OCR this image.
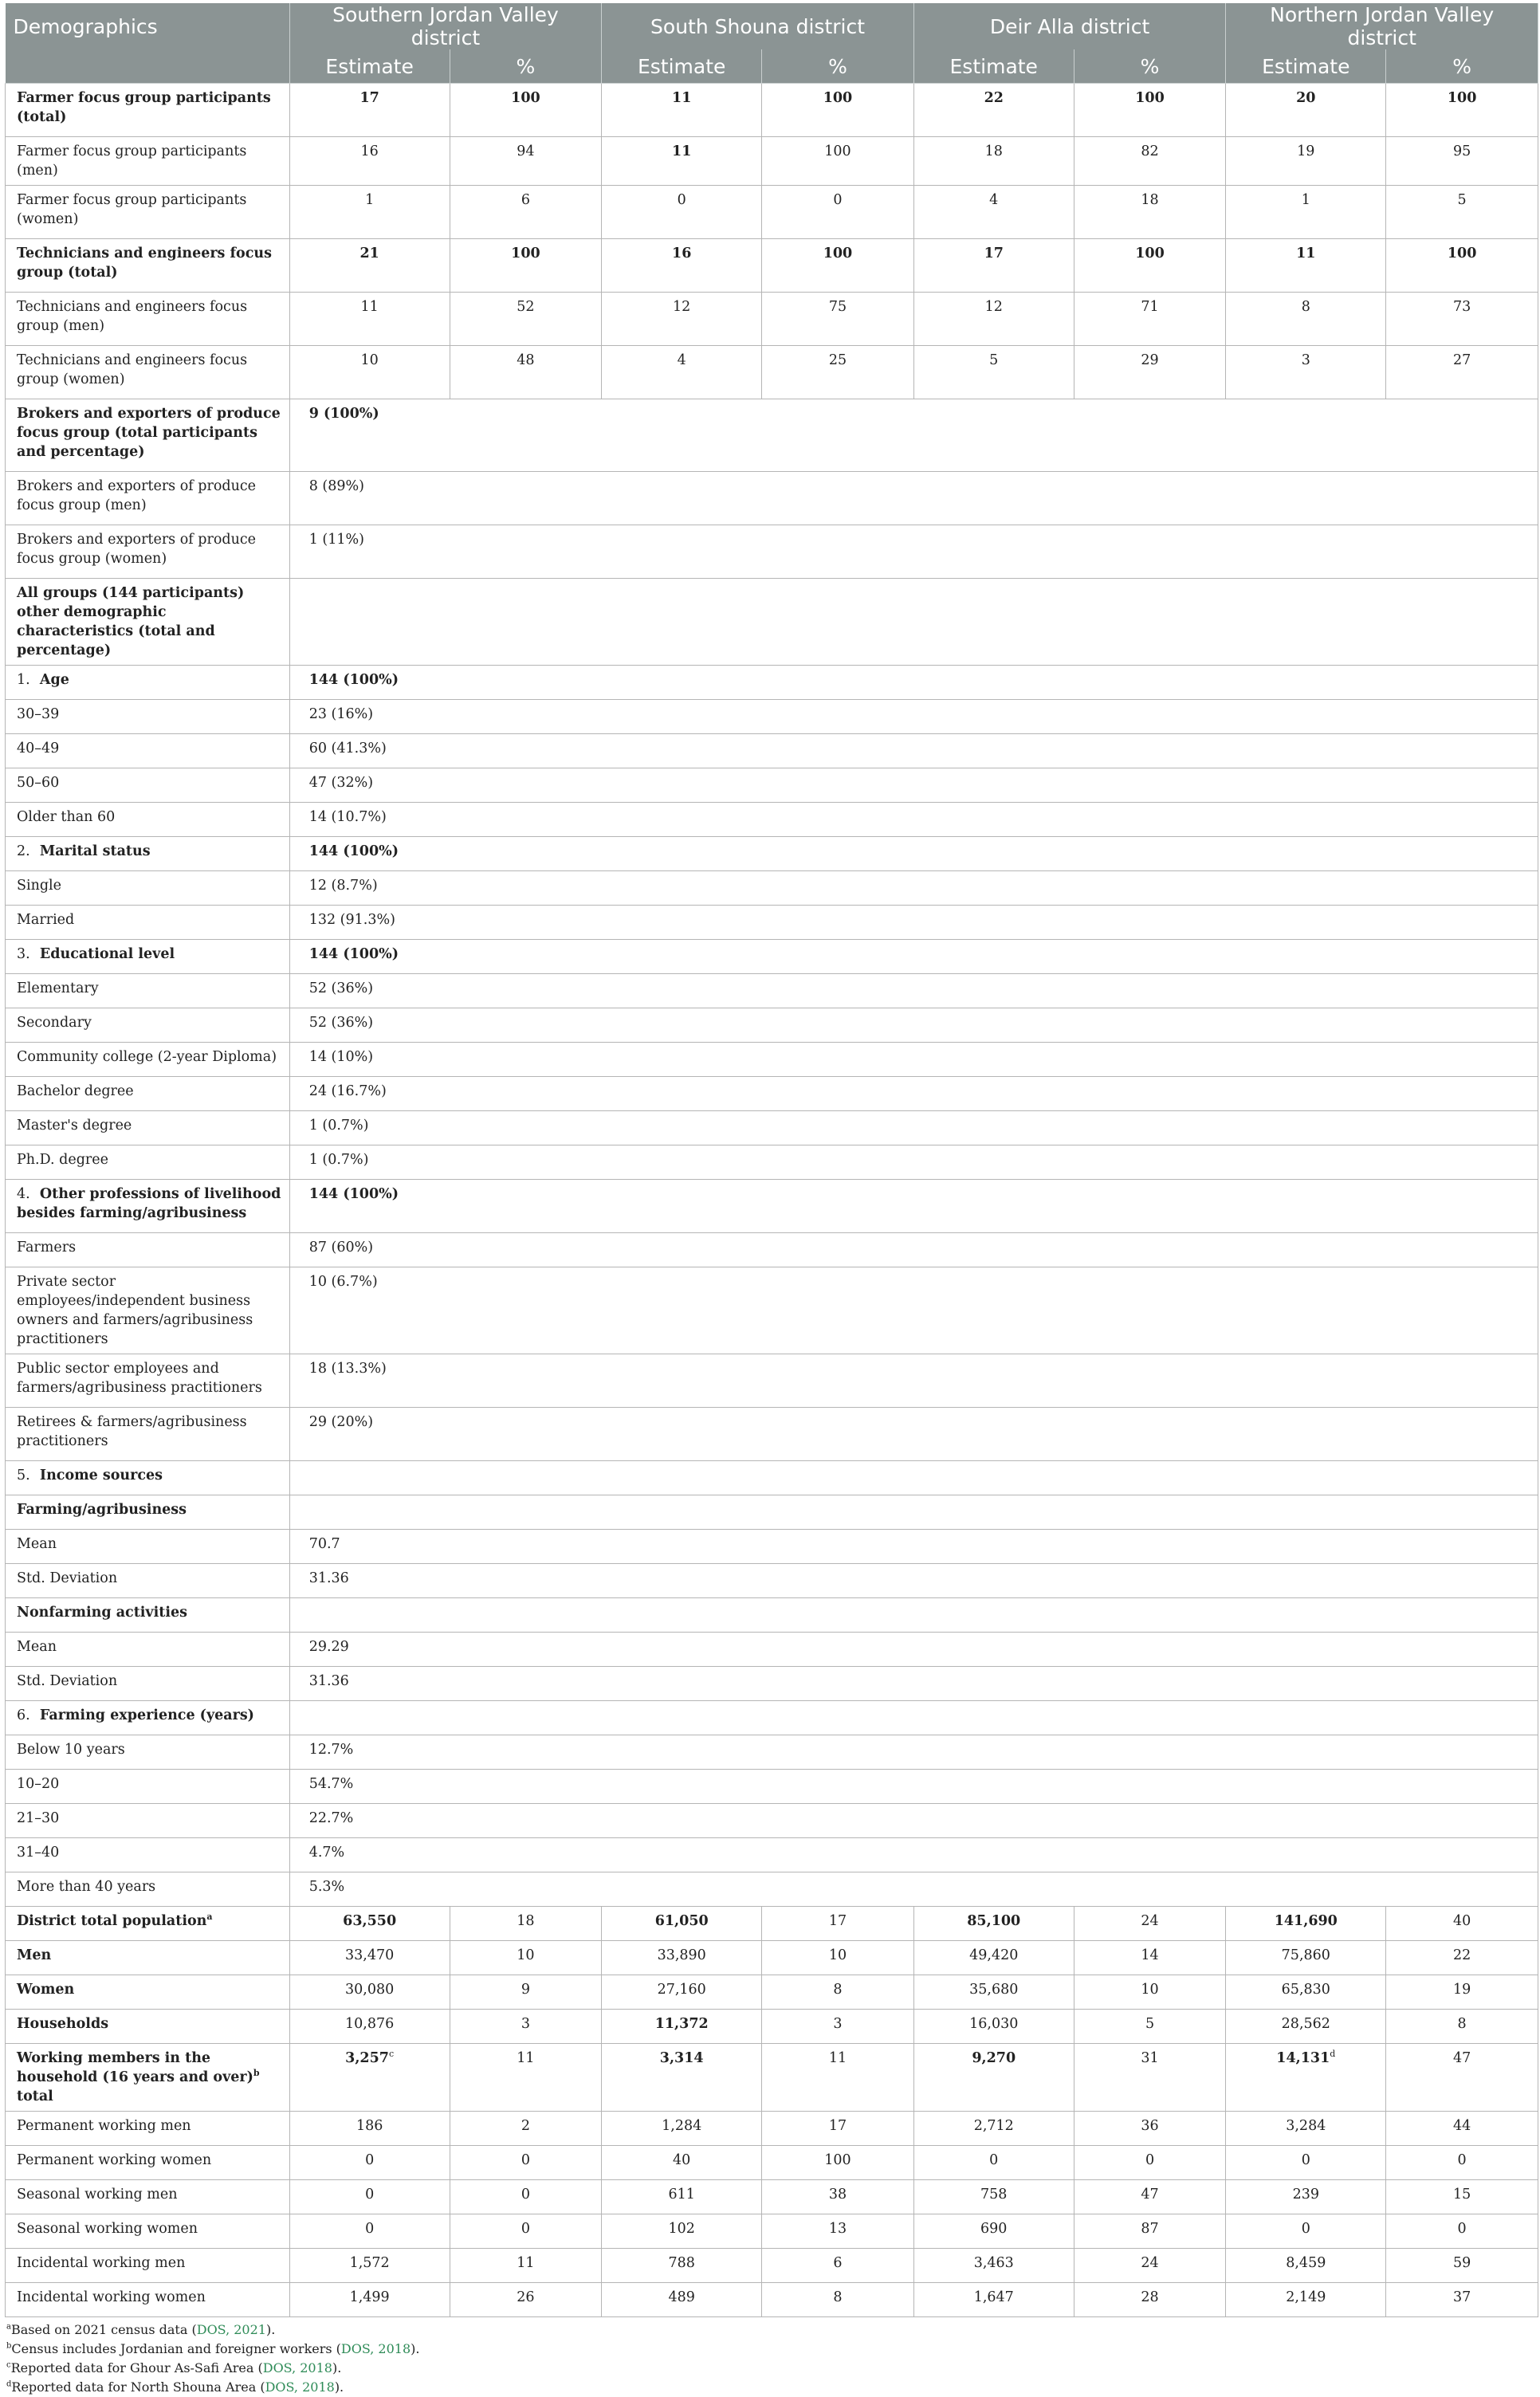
Demographics	Southern Jordan Valley district		South Shouna district		Deir Alla district		Northern Jordan Valley district	
	Estimate	%	Estimate	%	Estimate	%	Estimate	%
Farmer focus group participants (total)	17	100	11	100	22	100	20	100
Farmer focus group participants (men)	16	94	11	100	18	82	19	95
Farmer focus group participants (women)	1	6	0	0	4	18	1	5
Technicians and engineers focus group (total)	21	100	16	100	17	100	11	100
Technicians and engineers focus group (men)	11	52	12	75	12	71	8	73
Technicians and engineers focus group (women)	10	48	4	25	5	29	3	27
Brokers and exporters of produce focus group (total participants and percentage)	9 (100%)							
Brokers and exporters of produce focus group (men)	8 (89%)							
Brokers and exporters of produce focus group (women)	1 (11%)							
All groups (144 participants) other demographic characteristics (total and percentage)								
1. Age	144 (100%)							
30–39	23 (16%)							
40–49	60 (41.3%)							
50–60	47 (32%)							
Older than 60	14 (10.7%)							
2. Marital status	144 (100%)							
Single	12 (8.7%)							
Married	132 (91.3%)							
3. Educational level	144 (100%)							
Elementary	52 (36%)							
Secondary	52 (36%)							
Community college (2-year Diploma)	14 (10%)							
Bachelor degree	24 (16.7%)							
Master's degree	1 (0.7%)							
Ph.D. degree	1 (0.7%)							
4. Other professions of livelihood besides farming/agribusiness	144 (100%)							
Farmers	87 (60%)							
Private sector employees/independent business owners and farmers/agribusiness practitioners	10 (6.7%)							
Public sector employees and farmers/agribusiness practitioners	18 (13.3%)							
Retirees & farmers/agribusiness practitioners	29 (20%)							
5. Income sources								
Farming/agribusiness								
Mean	70.7							
Std. Deviation	31.36							
Nonfarming activities								
Mean	29.29							
Std. Deviation	31.36							
6. Farming experience (years)								
Below 10 years	12.7%							
10–20	54.7%							
21–30	22.7%							
31–40	4.7%							
More than 40 years	5.3%							
District total population$^a$	63,550	18	61,050	17	85,100	24	141,690	40
Men	33,470	10	33,890	10	49,420	14	75,860	22
Women	30,080	9	27,160	8	35,680	10	65,830	19
Households	10,876	3	11,372	3	16,030	5	28,562	8
Working members in the household (16 years and over)$^b$ total	3,257$^c$	11	3,314	11	9,270	31	14,131$^d$	47
Permanent working men	186	2	1,284	17	2,712	36	3,284	44
Permanent working women	0	0	40	100	0	0	0	0
Seasonal working men	0	0	611	38	758	47	239	15
Seasonal working women	0	0	102	13	690	87	0	0
Incidental working men	1,572	11	788	6	3,463	24	8,459	59
Incidental working women	1,499	26	489	8	1,647	28	2,149	37
$^a$Based on 2021 census data (DOS, 2021).
$^b$Census includes Jordanian and foreigner workers (DOS, 2018).
$^c$Reported data for Ghour As-Safi Area (DOS, 2018).
$^d$Reported data for North Shouna Area (DOS, 2018).
